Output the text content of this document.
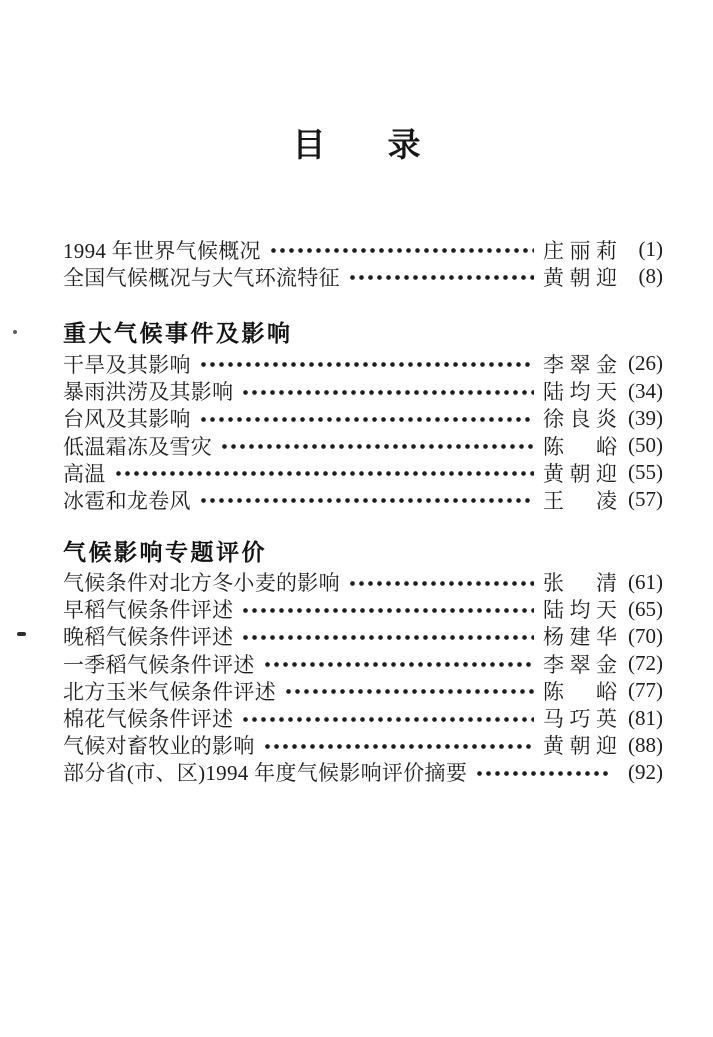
目 录
1994 年世界气候概况	庄丽莉	(1)
全国气候概况与大气环流特征	黄朝迎	(8)
重大气候事件及影响
干旱及其影响	李翠金 (26)
暴雨洪涝及其影响	陆均天 (34)
台风及其影响	徐良炎 (39)
低温霜冻及雪灾	陈 峪 (50)
高温	黄朝迎 (55)
冰雹和龙卷风	王 凌 (57)
气候影响专题评价
气候条件对北方冬小麦的影响	张 清 (61)
早稻气候条件评述	陆均天 (65)
晚稻气候条件评述	杨建华 (70)
一季稻气候条件评述	李翠金 (72)
北方玉米气候条件评述	陈 峪 (77)
棉花气候条件评述	马巧英 (81)
气候对畜牧业的影响	黄朝迎 (88)
部分省(市、区)1994 年度气候影响评价摘要	(92)
